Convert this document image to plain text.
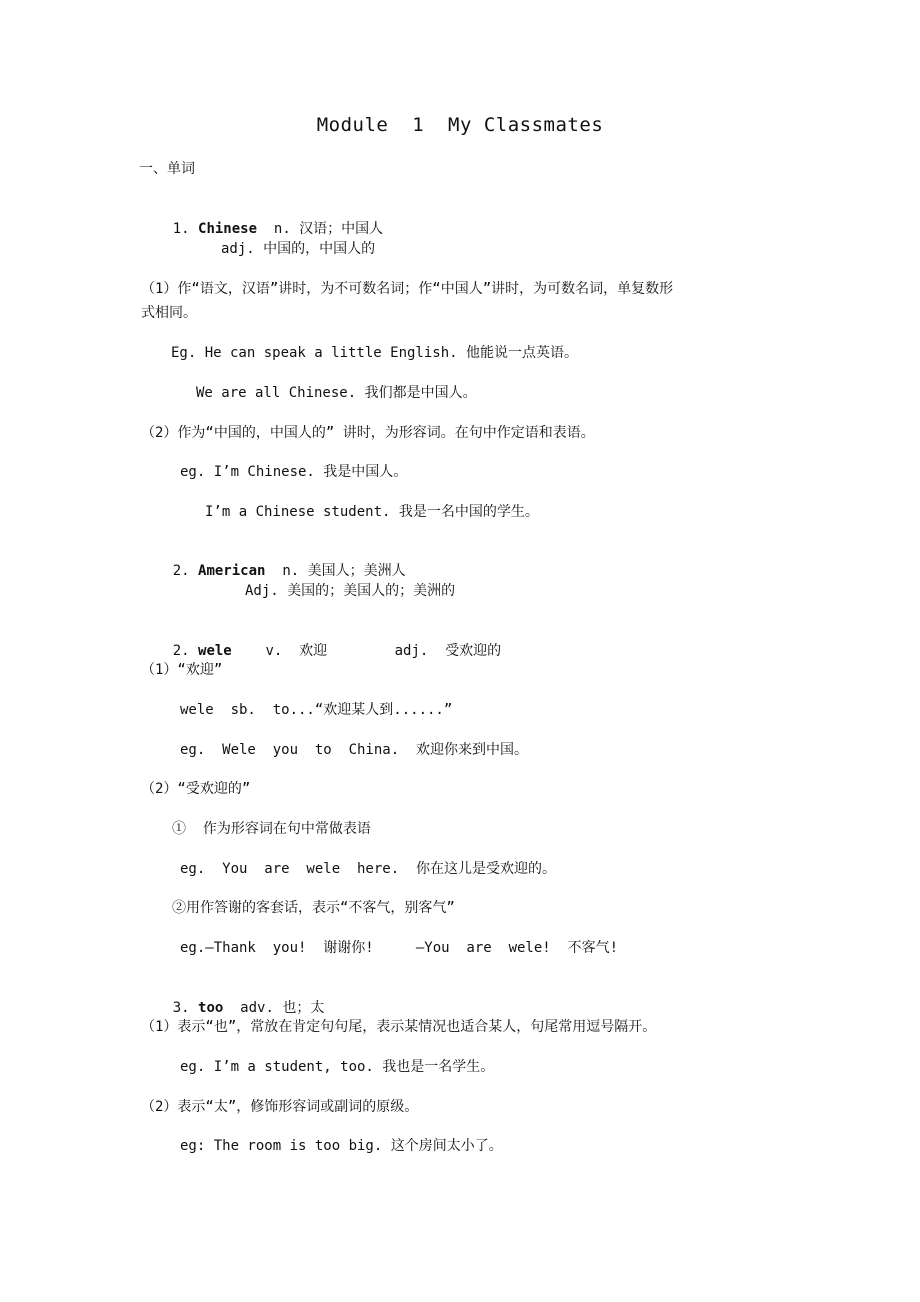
Module  1  My Classmates
一、单词

1. Chinese n. 汉语；中国人

adj. 中国的，中国人的
（1）作“语文，汉语”讲时，为不可数名词；作“中国人”讲时，为可数名词，单复数形
式相同。
Eg. He can speak a little English. 他能说一点英语。
We are all Chinese. 我们都是中国人。
（2）作为“中国的，中国人的” 讲时，为形容词。在句中作定语和表语。
eg. I’m Chinese. 我是中国人。
I’m a Chinese student. 我是一名中国的学生。

2. American n. 美国人；美洲人

Adj. 美国的；美国人的；美洲的

2. wele v. 欢迎	adj. 受欢迎的

（1）“欢迎”
wele  sb.  to...“欢迎某人到......”
eg.  Wele  you  to  China.  欢迎你来到中国。
（2）“受欢迎的”
①  作为形容词在句中常做表语
eg.  You  are  wele  here.  你在这儿是受欢迎的。
②用作答谢的客套话，表示“不客气，别客气”
eg.—Thank  you!  谢谢你!     —You  are  wele!  不客气!

3. too adv. 也；太

（1）表示“也”，常放在肯定句句尾，表示某情况也适合某人，句尾常用逗号隔开。
eg. I’m a student, too. 我也是一名学生。
（2）表示“太”，修饰形容词或副词的原级。
eg: The room is too big. 这个房间太小了。
